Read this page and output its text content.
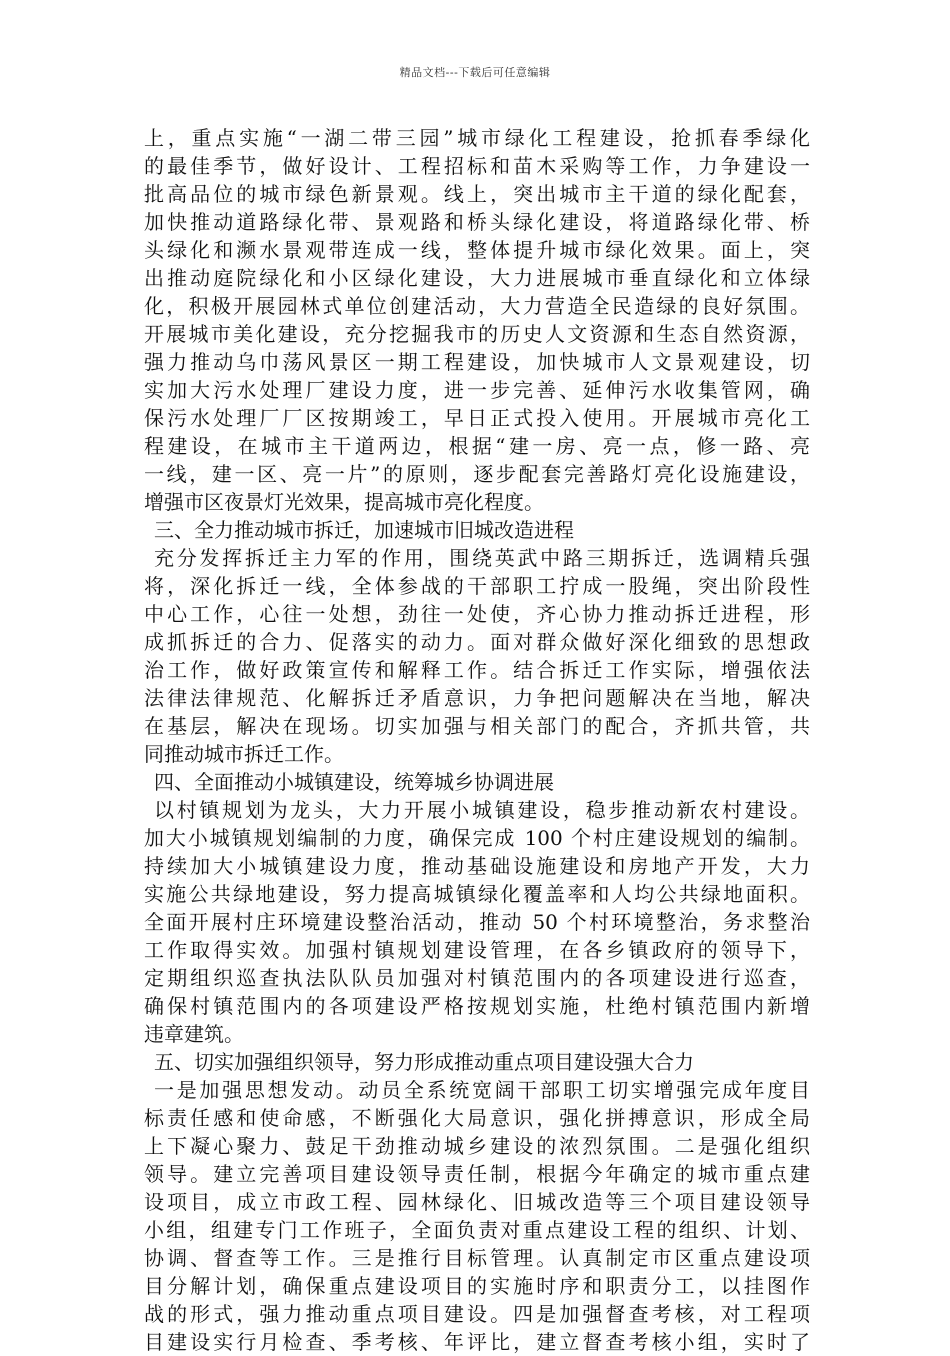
精品文档---下载后可任意编辑
上，重点实施“一湖二带三园”城市绿化工程建设，抢抓春季绿化
的最佳季节，做好设计、工程招标和苗木采购等工作，力争建设一
批高品位的城市绿色新景观。线上，突出城市主干道的绿化配套，
加快推动道路绿化带、景观路和桥头绿化建设，将道路绿化带、桥
头绿化和濒水景观带连成一线，整体提升城市绿化效果。面上，突
出推动庭院绿化和小区绿化建设，大力进展城市垂直绿化和立体绿
化，积极开展园林式单位创建活动，大力营造全民造绿的良好氛围。
开展城市美化建设，充分挖掘我市的历史人文资源和生态自然资源，
强力推动乌巾荡风景区一期工程建设，加快城市人文景观建设，切
实加大污水处理厂建设力度，进一步完善、延伸污水收集管网，确
保污水处理厂厂区按期竣工，早日正式投入使用。开展城市亮化工
程建设，在城市主干道两边，根据“建一房、亮一点，修一路、亮
一线，建一区、亮一片”的原则，逐步配套完善路灯亮化设施建设，
增强市区夜景灯光效果，提高城市亮化程度。
三、全力推动城市拆迁，加速城市旧城改造进程
充分发挥拆迁主力军的作用，围绕英武中路三期拆迁，选调精兵强
将，深化拆迁一线，全体参战的干部职工拧成一股绳，突出阶段性
中心工作，心往一处想，劲往一处使，齐心协力推动拆迁进程，形
成抓拆迁的合力、促落实的动力。面对群众做好深化细致的思想政
治工作，做好政策宣传和解释工作。结合拆迁工作实际，增强依法
法律法律规范、化解拆迁矛盾意识，力争把问题解决在当地，解决
在基层，解决在现场。切实加强与相关部门的配合，齐抓共管，共
同推动城市拆迁工作。
四、全面推动小城镇建设，统筹城乡协调进展
以村镇规划为龙头，大力开展小城镇建设，稳步推动新农村建设。
加大小城镇规划编制的力度，确保完成 100 个村庄建设规划的编制。
持续加大小城镇建设力度，推动基础设施建设和房地产开发，大力
实施公共绿地建设，努力提高城镇绿化覆盖率和人均公共绿地面积。
全面开展村庄环境建设整治活动，推动 50 个村环境整治，务求整治
工作取得实效。加强村镇规划建设管理，在各乡镇政府的领导下，
定期组织巡查执法队队员加强对村镇范围内的各项建设进行巡查，
确保村镇范围内的各项建设严格按规划实施，杜绝村镇范围内新增
违章建筑。
五、切实加强组织领导，努力形成推动重点项目建设强大合力
一是加强思想发动。动员全系统宽阔干部职工切实增强完成年度目
标责任感和使命感，不断强化大局意识，强化拼搏意识，形成全局
上下凝心聚力、鼓足干劲推动城乡建设的浓烈氛围。二是强化组织
领导。建立完善项目建设领导责任制，根据今年确定的城市重点建
设项目，成立市政工程、园林绿化、旧城改造等三个项目建设领导
小组，组建专门工作班子，全面负责对重点建设工程的组织、计划、
协调、督查等工作。三是推行目标管理。认真制定市区重点建设项
目分解计划，确保重点建设项目的实施时序和职责分工，以挂图作
战的形式，强力推动重点项目建设。四是加强督查考核，对工程项
目建设实行月检查、季考核、年评比，建立督查考核小组，实时了
